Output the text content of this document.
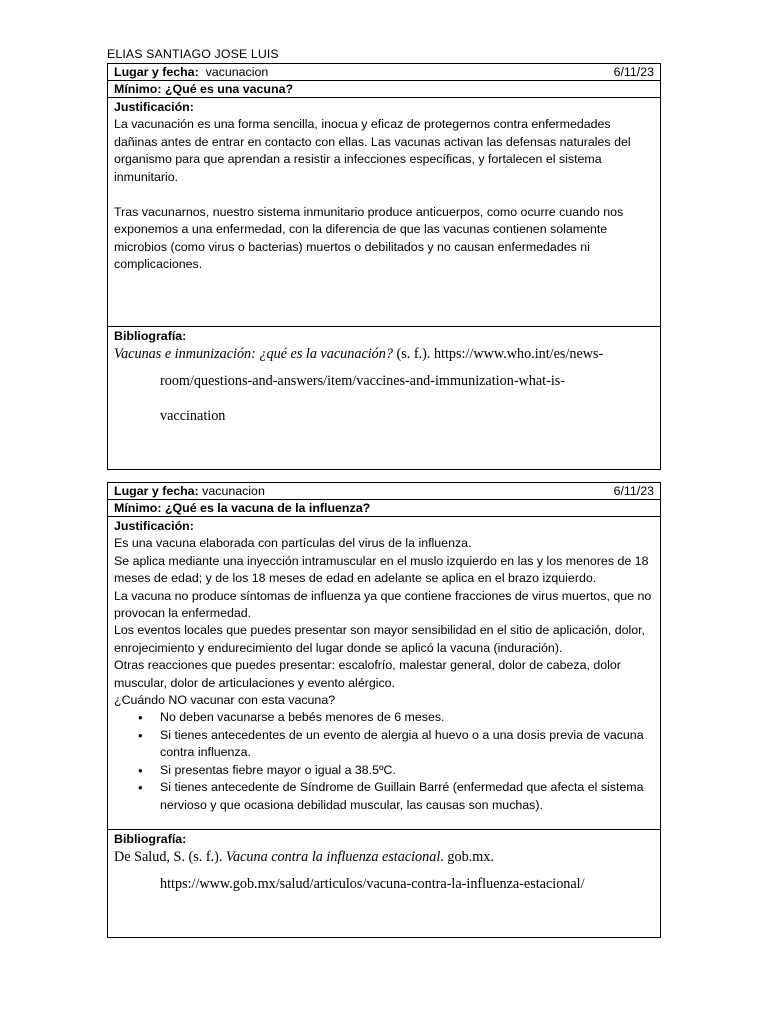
ELIAS SANTIAGO JOSE LUIS
Lugar y fecha: vacunacion	6/11/23
Mínimo: ¿Qué es una vacuna?
Justificación:

La vacunación es una forma sencilla, inocua y eficaz de protegernos contra enfermedades dañinas antes de entrar en contacto con ellas. Las vacunas activan las defensas naturales del organismo para que aprendan a resistir a infecciones específicas, y fortalecen el sistema inmunitario.

Tras vacunarnos, nuestro sistema inmunitario produce anticuerpos, como ocurre cuando nos exponemos a una enfermedad, con la diferencia de que las vacunas contienen solamente microbios (como virus o bacterias) muertos o debilitados y no causan enfermedades ni complicaciones.

Bibliografía:
Vacunas e inmunización: ¿qué es la vacunación? (s. f.). https://www.who.int/es/news-
room/questions-and-answers/item/vaccines-and-immunization-what-is-
vaccination
Lugar y fecha: vacunacion	6/11/23
Mínimo: ¿Qué es la vacuna de la influenza?
Justificación:

Es una vacuna elaborada con partículas del virus de la influenza.

Se aplica mediante una inyección intramuscular en el muslo izquierdo en las y los menores de 18 meses de edad; y de los 18 meses de edad en adelante se aplica en el brazo izquierdo.

La vacuna no produce síntomas de influenza ya que contiene fracciones de virus muertos, que no provocan la enfermedad.

Los eventos locales que puedes presentar son mayor sensibilidad en el sitio de aplicación, dolor, enrojecimiento y endurecimiento del lugar donde se aplicó la vacuna (induración).

Otras reacciones que puedes presentar: escalofrío, malestar general, dolor de cabeza, dolor muscular, dolor de articulaciones y evento alérgico.

¿Cuándo NO vacunar con esta vacuna?

• No deben vacunarse a bebés menores de 6 meses.
• Si tienes antecedentes de un evento de alergia al huevo o a una dosis previa de vacuna contra influenza.
• Si presentas fiebre mayor o igual a 38.5ºC.
• Si tienes antecedente de Síndrome de Guillain Barré (enfermedad que afecta el sistema nervioso y que ocasiona debilidad muscular, las causas son muchas).
Bibliografía:
De Salud, S. (s. f.). Vacuna contra la influenza estacional. gob.mx.
https://www.gob.mx/salud/articulos/vacuna-contra-la-influenza-estacional/
